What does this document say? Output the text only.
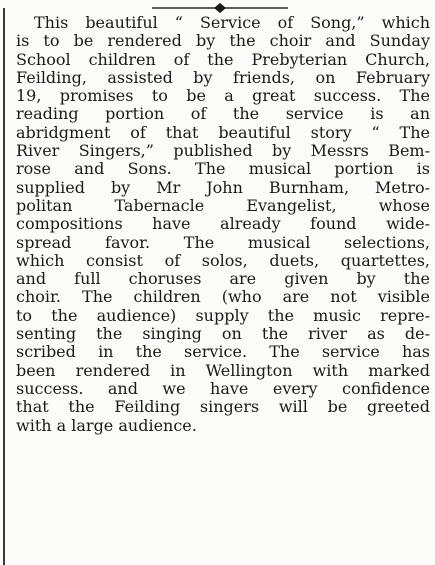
This beautiful “ Service of Song,” which
is to be rendered by the choir and Sunday
School children of the Prebyterian Church,
Feilding, assisted by friends, on February
19, promises to be a great success. The
reading portion of the service is an
abridgment of that beautiful story “ The
River Singers,” published by Messrs Bem-
rose and Sons. The musical portion is
supplied by Mr John Burnham, Metro-
politan Tabernacle Evangelist, whose
compositions have already found wide-
spread favor. The musical selections,
which consist of solos, duets, quartettes,
and full choruses are given by the
choir. The children (who are not visible
to the audience) supply the music repre-
senting the singing on the river as de-
scribed in the service. The service has
been rendered in Wellington with marked
success. and we have every confidence
that the Feilding singers will be greeted
with a large audience.
